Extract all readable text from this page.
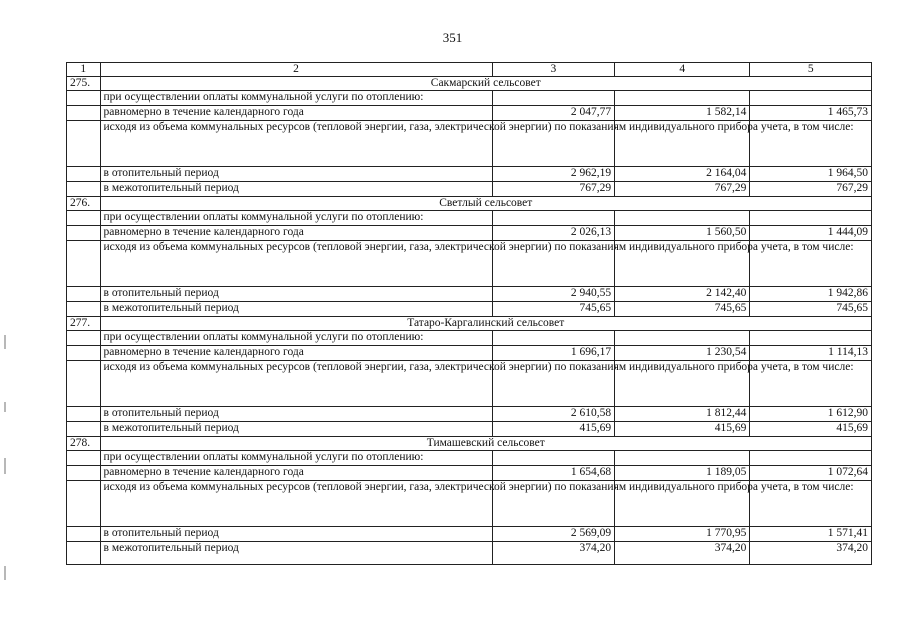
351
1	2	3	4	5
275.	Сакмарский сельсовет			
	при осуществлении оплаты коммунальной услуги по отоплению:			
	равномерно в течение календарного года	2 047,77	1 582,14	1 465,73
	исходя из объема коммунальных ресурсов (тепловой энергии, газа, электрической энергии) по показаниям индивидуального прибора учета, в том числе:			
	в отопительный период	2 962,19	2 164,04	1 964,50
	в межотопительный период	767,29	767,29	767,29
276.	Светлый сельсовет			
	при осуществлении оплаты коммунальной услуги по отоплению:			
	равномерно в течение календарного года	2 026,13	1 560,50	1 444,09
	исходя из объема коммунальных ресурсов (тепловой энергии, газа, электрической энергии) по показаниям индивидуального прибора учета, в том числе:			
	в отопительный период	2 940,55	2 142,40	1 942,86
	в межотопительный период	745,65	745,65	745,65
277.	Татаро-Каргалинский сельсовет			
	при осуществлении оплаты коммунальной услуги по отоплению:			
	равномерно в течение календарного года	1 696,17	1 230,54	1 114,13
	исходя из объема коммунальных ресурсов (тепловой энергии, газа, электрической энергии) по показаниям индивидуального прибора учета, в том числе:			
	в отопительный период	2 610,58	1 812,44	1 612,90
	в межотопительный период	415,69	415,69	415,69
278.	Тимашевский сельсовет			
	при осуществлении оплаты коммунальной услуги по отоплению:			
	равномерно в течение календарного года	1 654,68	1 189,05	1 072,64
	исходя из объема коммунальных ресурсов (тепловой энергии, газа, электрической энергии) по показаниям индивидуального прибора учета, в том числе:			
	в отопительный период	2 569,09	1 770,95	1 571,41
	в межотопительный период	374,20	374,20	374,20
